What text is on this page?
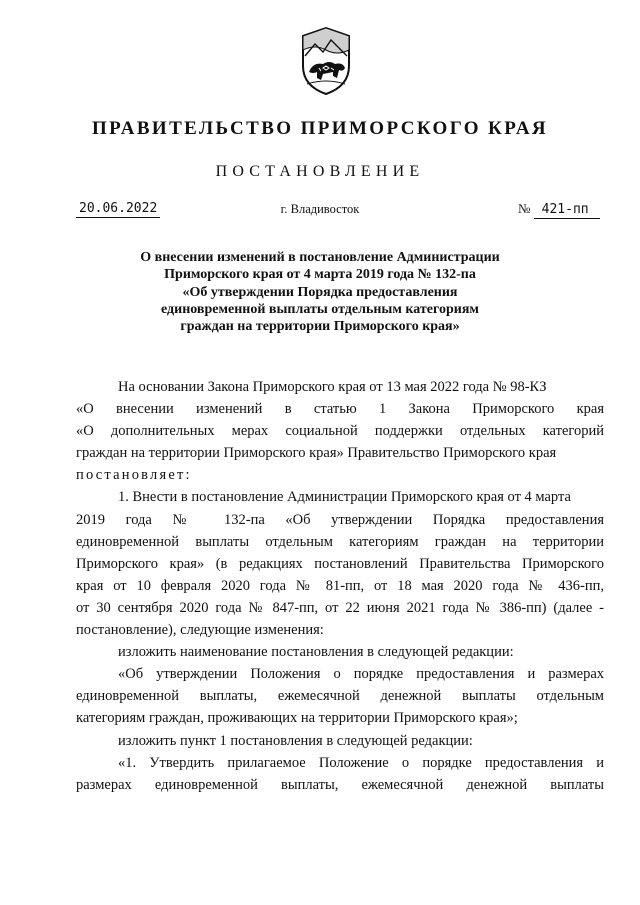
ПРАВИТЕЛЬСТВО ПРИМОРСКОГО КРАЯ
ПОСТАНОВЛЕНИЕ
20.06.2022	г. Владивосток	№ 421-пп
О внесении изменений в постановление Администрации
Приморского края от 4 марта 2019 года № 132-па
«Об утверждении Порядка предоставления
единовременной выплаты отдельным категориям
граждан на территории Приморского края»
На основании Закона Приморского края от 13 мая 2022 года № 98-КЗ
«О внесении изменений в статью 1 Закона Приморского края
«О дополнительных мерах социальной поддержки отдельных категорий
граждан на территории Приморского края» Правительство Приморского края
постановляет:
1. Внести в постановление Администрации Приморского края от 4 марта
2019 года № 132-па «Об утверждении Порядка предоставления
единовременной выплаты отдельным категориям граждан на территории
Приморского края» (в редакциях постановлений Правительства Приморского
края от 10 февраля 2020 года № 81-пп, от 18 мая 2020 года № 436-пп,
от 30 сентября 2020 года № 847-пп, от 22 июня 2021 года № 386-пп) (далее -
постановление), следующие изменения:
изложить наименование постановления в следующей редакции:
«Об утверждении Положения о порядке предоставления и размерах
единовременной выплаты, ежемесячной денежной выплаты отдельным
категориям граждан, проживающих на территории Приморского края»;
изложить пункт 1 постановления в следующей редакции:
«1. Утвердить прилагаемое Положение о порядке предоставления и
размерах единовременной выплаты, ежемесячной денежной выплаты
